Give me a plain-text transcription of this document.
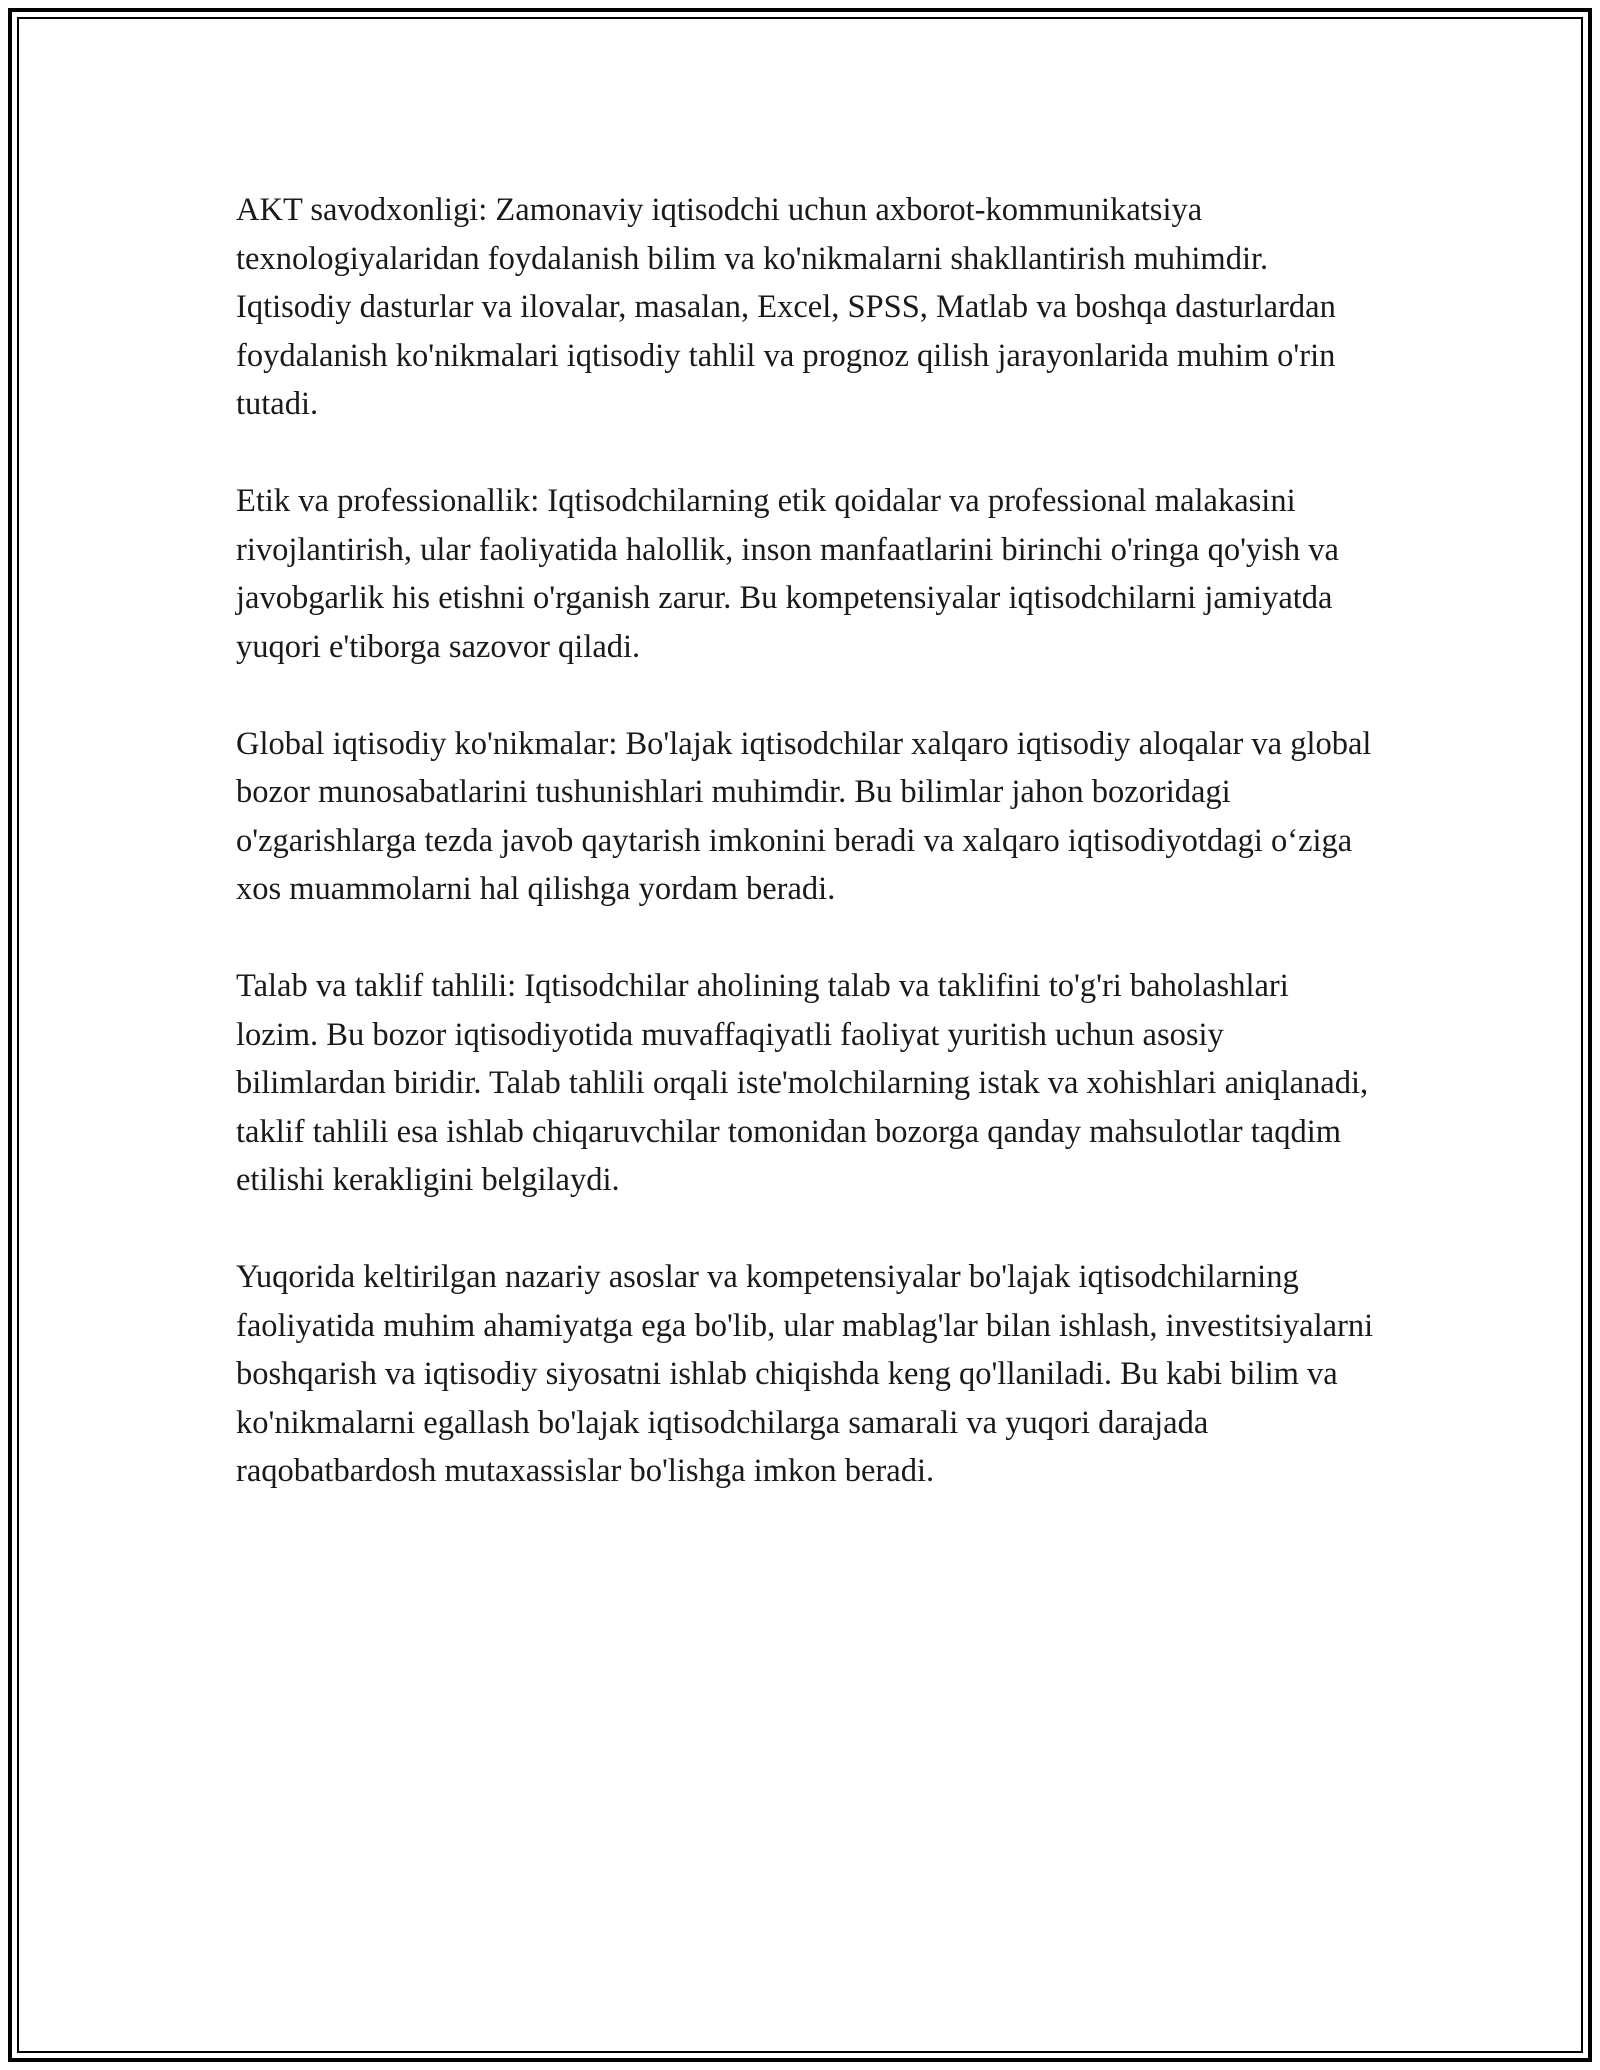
AKT savodxonligi: Zamonaviy iqtisodchi uchun axborot-kommunikatsiya texnologiyalaridan foydalanish bilim va ko'nikmalarni shakllantirish muhimdir. Iqtisodiy dasturlar va ilovalar, masalan, Excel, SPSS, Matlab va boshqa dasturlardan foydalanish ko'nikmalari iqtisodiy tahlil va prognoz qilish jarayonlarida muhim o'rin tutadi.

Etik va professionallik: Iqtisodchilarning etik qoidalar va professional malakasini rivojlantirish, ular faoliyatida halollik, inson manfaatlarini birinchi o'ringa qo'yish va javobgarlik his etishni o'rganish zarur. Bu kompetensiyalar iqtisodchilarni jamiyatda yuqori e'tiborga sazovor qiladi.

Global iqtisodiy ko'nikmalar: Bo'lajak iqtisodchilar xalqaro iqtisodiy aloqalar va global bozor munosabatlarini tushunishlari muhimdir. Bu bilimlar jahon bozoridagi o'zgarishlarga tezda javob qaytarish imkonini beradi va xalqaro iqtisodiyotdagi o‘ziga xos muammolarni hal qilishga yordam beradi.

Talab va taklif tahlili: Iqtisodchilar aholining talab va taklifini to'g'ri baholashlari lozim. Bu bozor iqtisodiyotida muvaffaqiyatli faoliyat yuritish uchun asosiy bilimlardan biridir. Talab tahlili orqali iste'molchilarning istak va xohishlari aniqlanadi, taklif tahlili esa ishlab chiqaruvchilar tomonidan bozorga qanday mahsulotlar taqdim etilishi kerakligini belgilaydi.

Yuqorida keltirilgan nazariy asoslar va kompetensiyalar bo'lajak iqtisodchilarning faoliyatida muhim ahamiyatga ega bo'lib, ular mablag'lar bilan ishlash, investitsiyalarni boshqarish va iqtisodiy siyosatni ishlab chiqishda keng qo'llaniladi. Bu kabi bilim va ko'nikmalarni egallash bo'lajak iqtisodchilarga samarali va yuqori darajada raqobatbardosh mutaxassislar bo'lishga imkon beradi.
